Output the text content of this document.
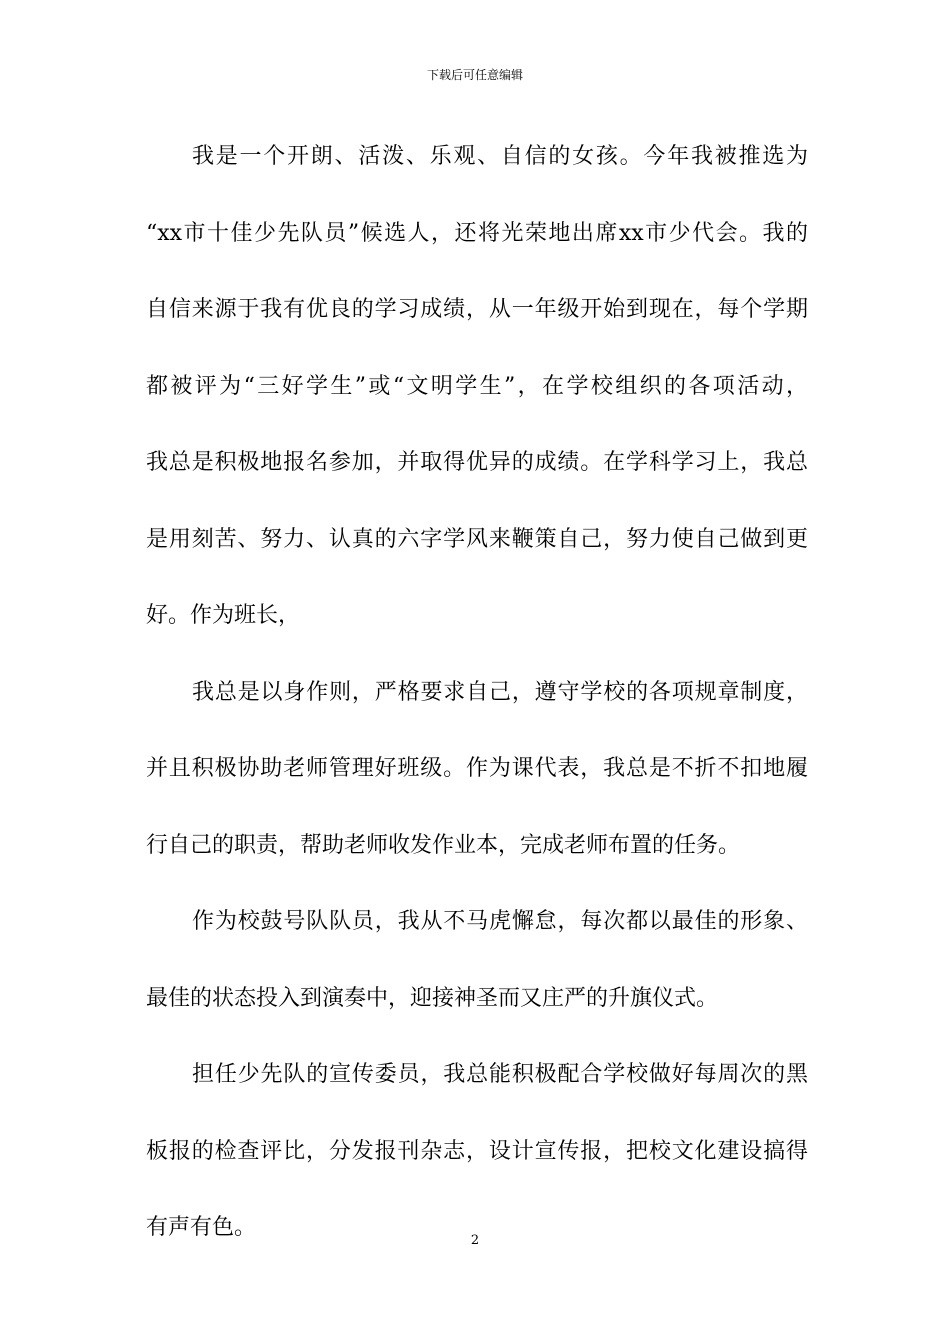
下载后可任意编辑
我是一个开朗、活泼、乐观、自信的女孩。今年我被推选为
“xx市十佳少先队员”候选人，还将光荣地出席xx市少代会。我的
自信来源于我有优良的学习成绩，从一年级开始到现在，每个学期
都被评为“三好学生”或“文明学生”，在学校组织的各项活动，
我总是积极地报名参加，并取得优异的成绩。在学科学习上，我总
是用刻苦、努力、认真的六字学风来鞭策自己，努力使自己做到更
好。作为班长，
我总是以身作则，严格要求自己，遵守学校的各项规章制度，
并且积极协助老师管理好班级。作为课代表，我总是不折不扣地履
行自己的职责，帮助老师收发作业本，完成老师布置的任务。
作为校鼓号队队员，我从不马虎懈怠，每次都以最佳的形象、
最佳的状态投入到演奏中，迎接神圣而又庄严的升旗仪式。
担任少先队的宣传委员，我总能积极配合学校做好每周次的黑
板报的检查评比，分发报刊杂志，设计宣传报，把校文化建设搞得
有声有色。
2
